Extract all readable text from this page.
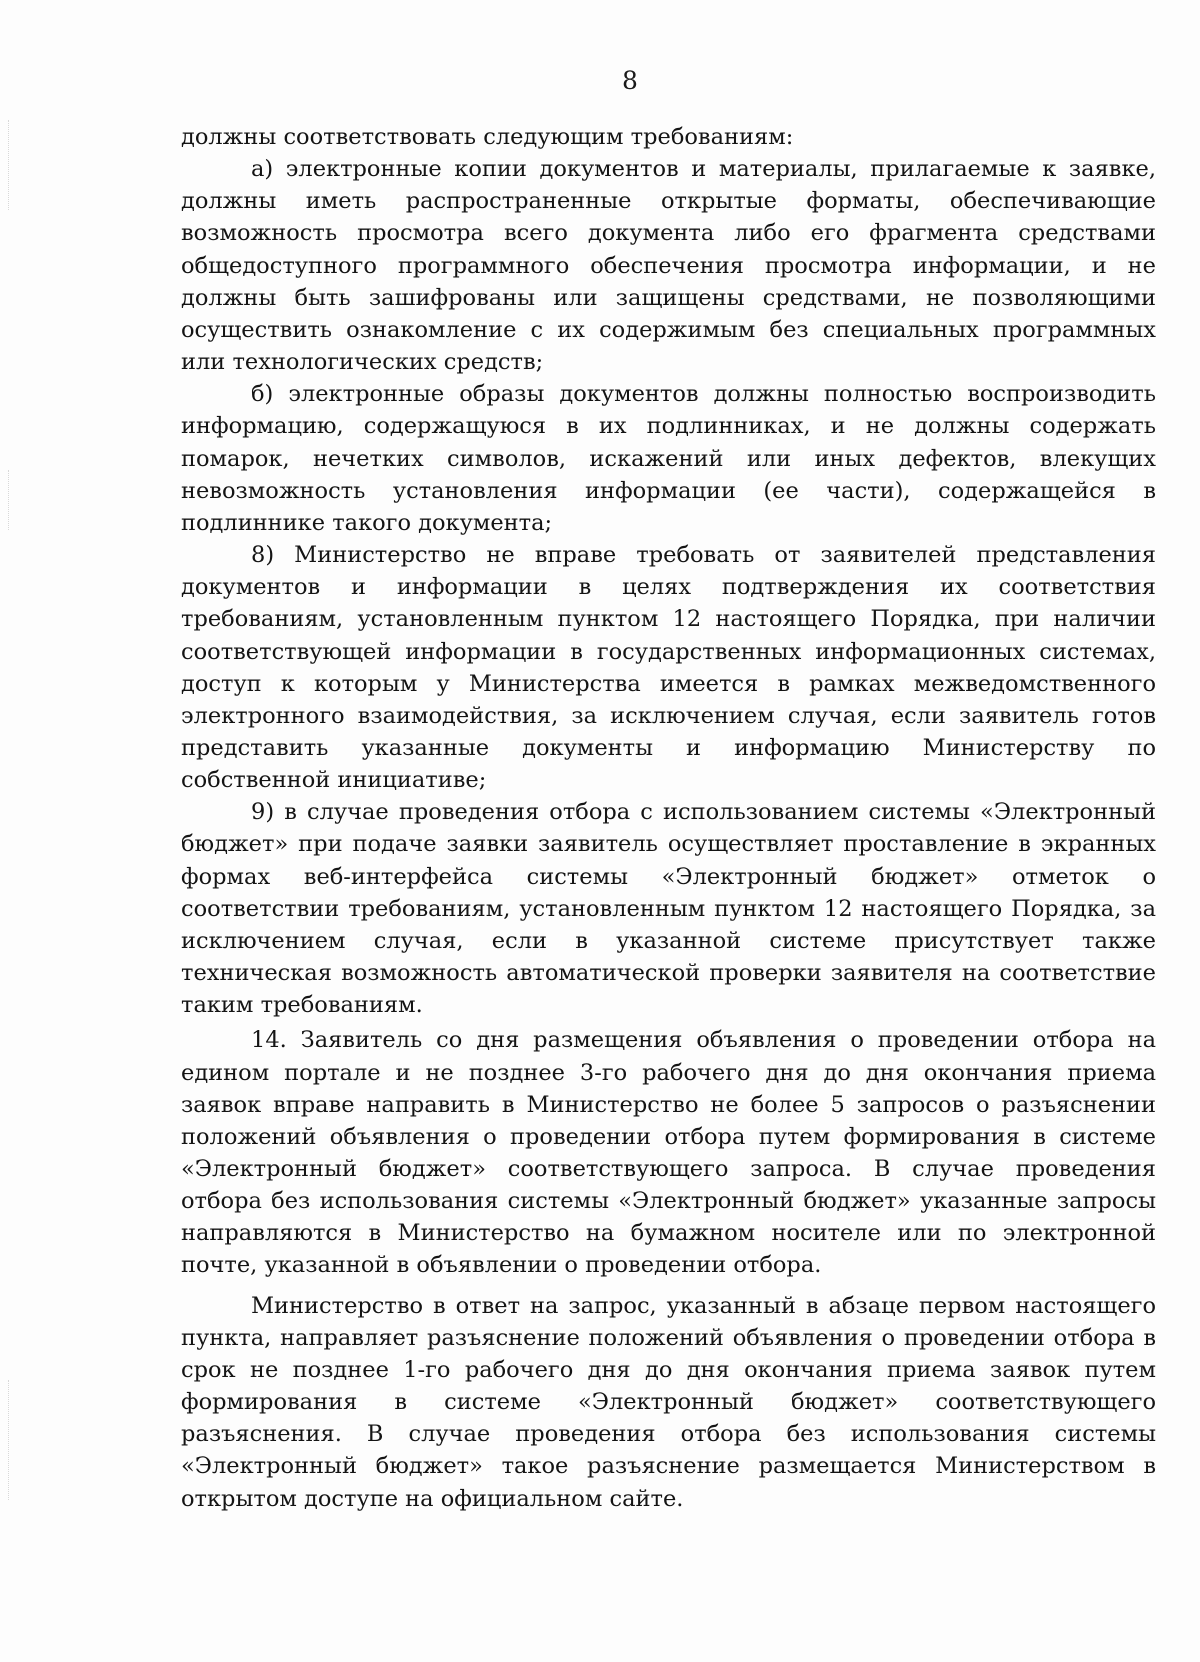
8

должны соответствовать следующим требованиям:

а) электронные копии документов и материалы, прилагаемые к заявке, должны иметь распространенные открытые форматы, обеспечивающие возможность просмотра всего документа либо его фрагмента средствами общедоступного программного обеспечения просмотра информации, и не должны быть зашифрованы или защищены средствами, не позволяющими осуществить ознакомление с их содержимым без специальных программных или технологических средств;

б) электронные образы документов должны полностью воспроизводить информацию, содержащуюся в их подлинниках, и не должны содержать помарок, нечетких символов, искажений или иных дефектов, влекущих невозможность установления информации (ее части), содержащейся в подлиннике такого документа;

8) Министерство не вправе требовать от заявителей представления документов и информации в целях подтверждения их соответствия требованиям, установленным пунктом 12 настоящего Порядка, при наличии соответствующей информации в государственных информационных системах, доступ к которым у Министерства имеется в рамках межведомственного электронного взаимодействия, за исключением случая, если заявитель готов представить указанные документы и информацию Министерству по собственной инициативе;

9) в случае проведения отбора с использованием системы «Электронный бюджет» при подаче заявки заявитель осуществляет проставление в экранных формах веб-интерфейса системы «Электронный бюджет» отметок о соответствии требованиям, установленным пунктом 12 настоящего Порядка, за исключением случая, если в указанной системе присутствует также техническая возможность автоматической проверки заявителя на соответствие таким требованиям.

14. Заявитель со дня размещения объявления о проведении отбора на едином портале и не позднее 3-го рабочего дня до дня окончания приема заявок вправе направить в Министерство не более 5 запросов о разъяснении положений объявления о проведении отбора путем формирования в системе «Электронный бюджет» соответствующего запроса. В случае проведения отбора без использования системы «Электронный бюджет» указанные запросы направляются в Министерство на бумажном носителе или по электронной почте, указанной в объявлении о проведении отбора.

Министерство в ответ на запрос, указанный в абзаце первом настоящего пункта, направляет разъяснение положений объявления о проведении отбора в срок не позднее 1-го рабочего дня до дня окончания приема заявок путем формирования в системе «Электронный бюджет» соответствующего разъяснения. В случае проведения отбора без использования системы «Электронный бюджет» такое разъяснение размещается Министерством в открытом доступе на официальном сайте.
